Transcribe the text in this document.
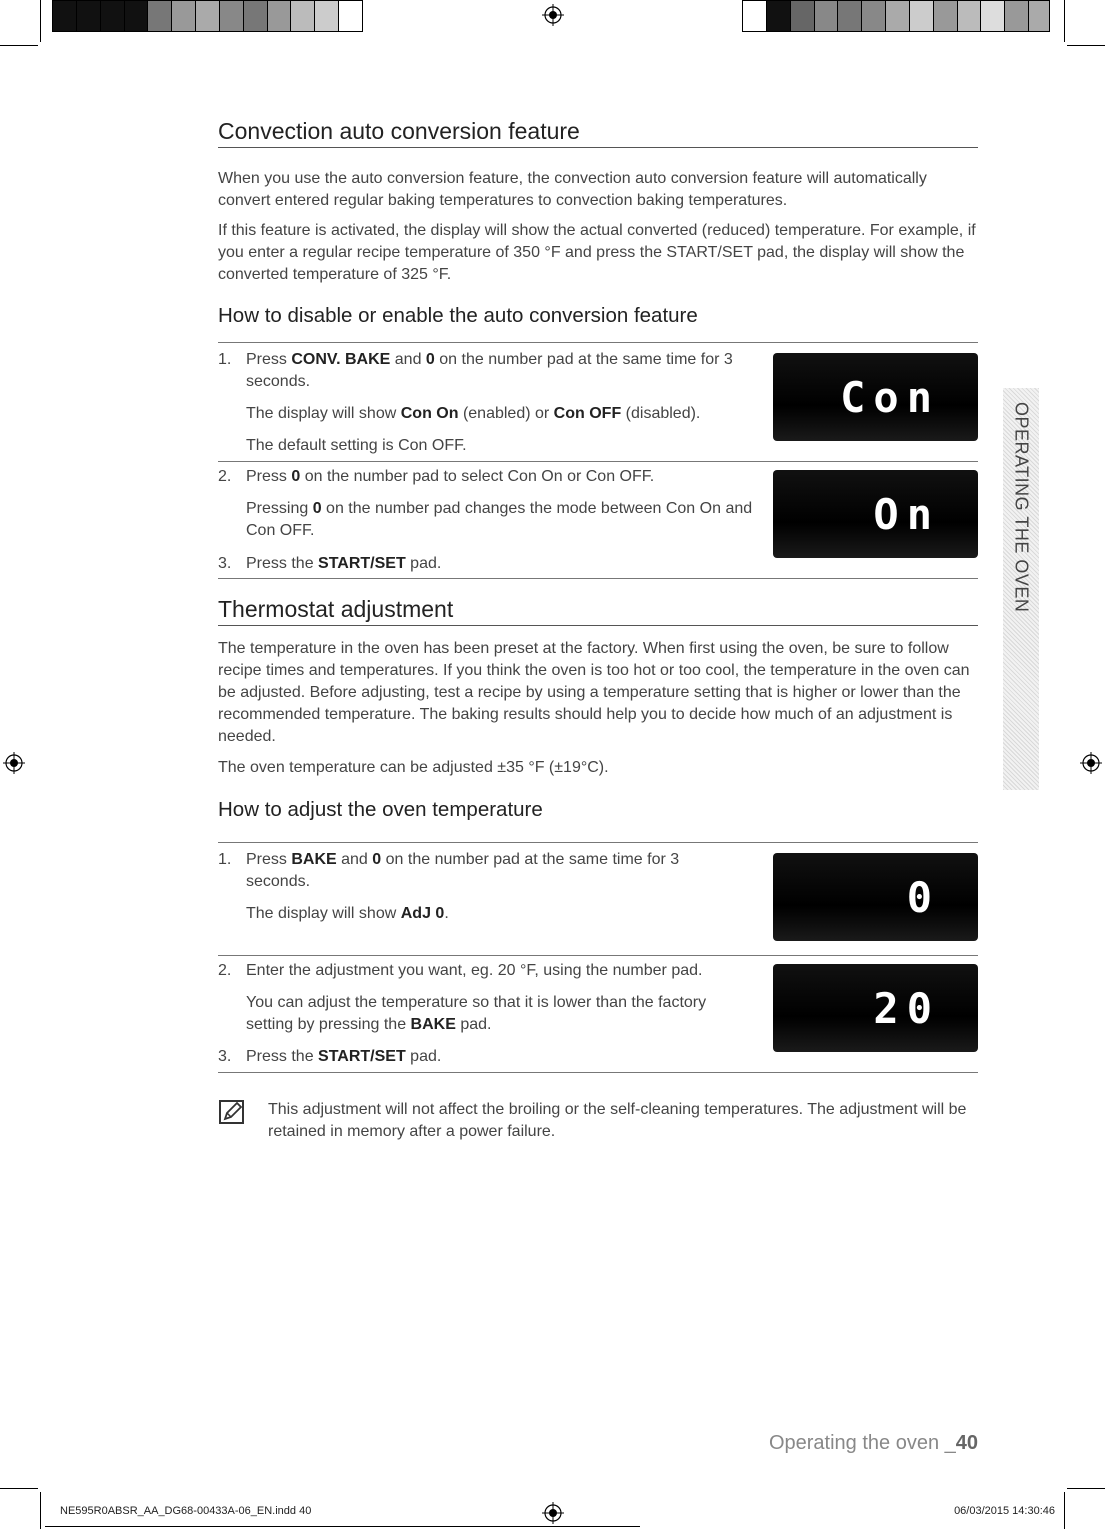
OPERATING THE OVEN
Convection auto conversion feature

When you use the auto conversion feature, the convection auto conversion feature will automatically convert entered regular baking temperatures to convection baking temperatures.

If this feature is activated, the display will show the actual converted (reduced) temperature. For example, if you enter a regular recipe temperature of 350 °F and press the START/SET pad, the display will show the converted temperature of 325 °F.

How to disable or enable the auto conversion feature
1. Press CONV. BAKE and 0 on the number pad at the same time for 3 seconds.
The display will show Con On (enabled) or Con OFF (disabled).
The default setting is Con OFF.
Con
2. Press 0 on the number pad to select Con On or Con OFF.
Pressing 0 on the number pad changes the mode between Con On and Con OFF.
3. Press the START/SET pad.
On
Thermostat adjustment

The temperature in the oven has been preset at the factory. When first using the oven, be sure to follow recipe times and temperatures. If you think the oven is too hot or too cool, the temperature in the oven can be adjusted. Before adjusting, test a recipe by using a temperature setting that is higher or lower than the recommended temperature. The baking results should help you to decide how much of an adjustment is needed.

The oven temperature can be adjusted ±35 °F (±19°C).

How to adjust the oven temperature
1. Press BAKE and 0 on the number pad at the same time for 3 seconds.
The display will show AdJ 0.	0
2. Enter the adjustment you want, eg. 20 °F, using the number pad.
You can adjust the temperature so that it is lower than the factory setting by pressing the BAKE pad.
3. Press the START/SET pad.
20
This adjustment will not affect the broiling or the self-cleaning temperatures. The adjustment will be retained in memory after a power failure.
Operating the oven _40
NE595R0ABSR_AA_DG68-00433A-06_EN.indd 40	06/03/2015 14:30:46
